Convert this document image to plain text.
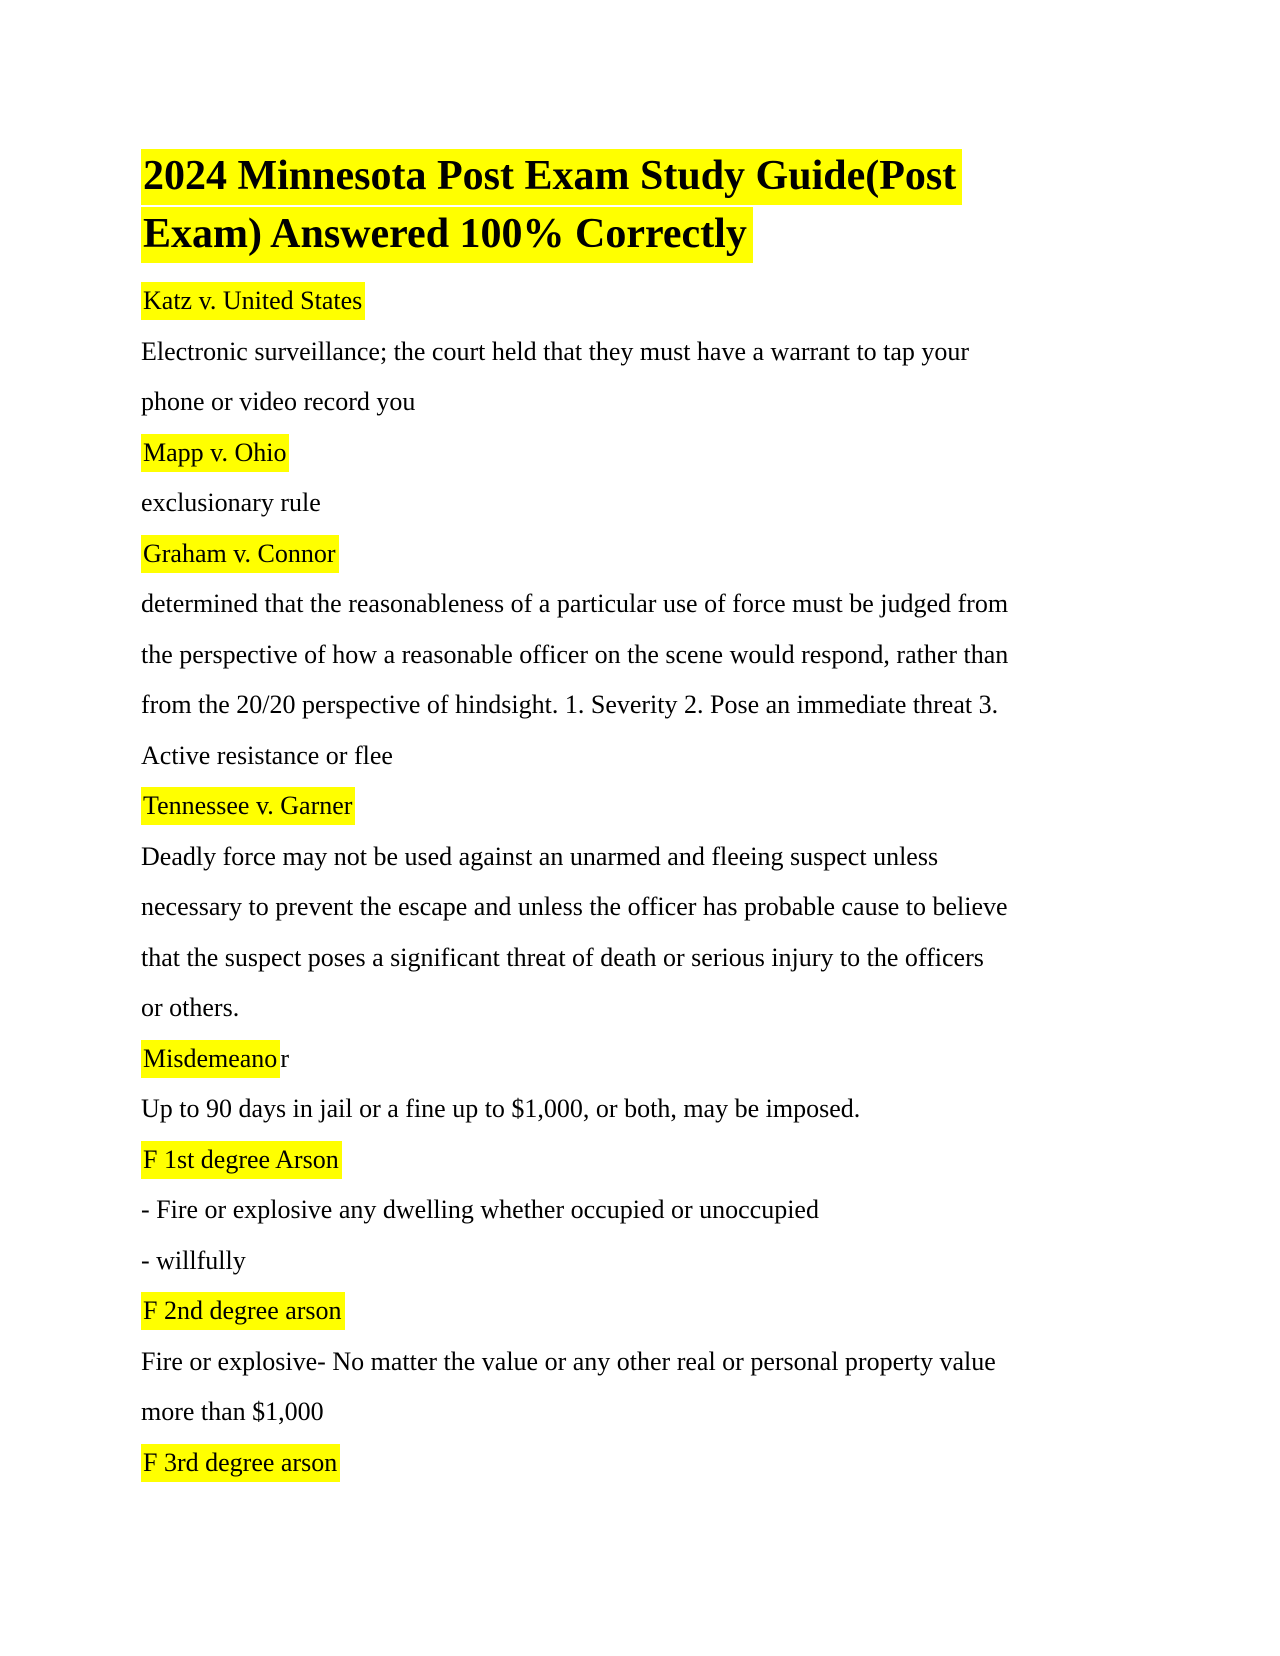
2024 Minnesota Post Exam Study Guide(Post
Exam) Answered 100% Correctly
Katz v. United States
Electronic surveillance; the court held that they must have a warrant to tap your
phone or video record you
Mapp v. Ohio
exclusionary rule
Graham v. Connor
determined that the reasonableness of a particular use of force must be judged from
the perspective of how a reasonable officer on the scene would respond, rather than
from the 20/20 perspective of hindsight. 1. Severity 2. Pose an immediate threat 3.
Active resistance or flee
Tennessee v. Garner
Deadly force may not be used against an unarmed and fleeing suspect unless
necessary to prevent the escape and unless the officer has probable cause to believe
that the suspect poses a significant threat of death or serious injury to the officers
or others.
Misdemeano r
Up to 90 days in jail or a fine up to $1,000, or both, may be imposed.
F 1st degree Arson
- Fire or explosive any dwelling whether occupied or unoccupied
- willfully
F 2nd degree arson
Fire or explosive- No matter the value or any other real or personal property value
more than $1,000
F 3rd degree arson
